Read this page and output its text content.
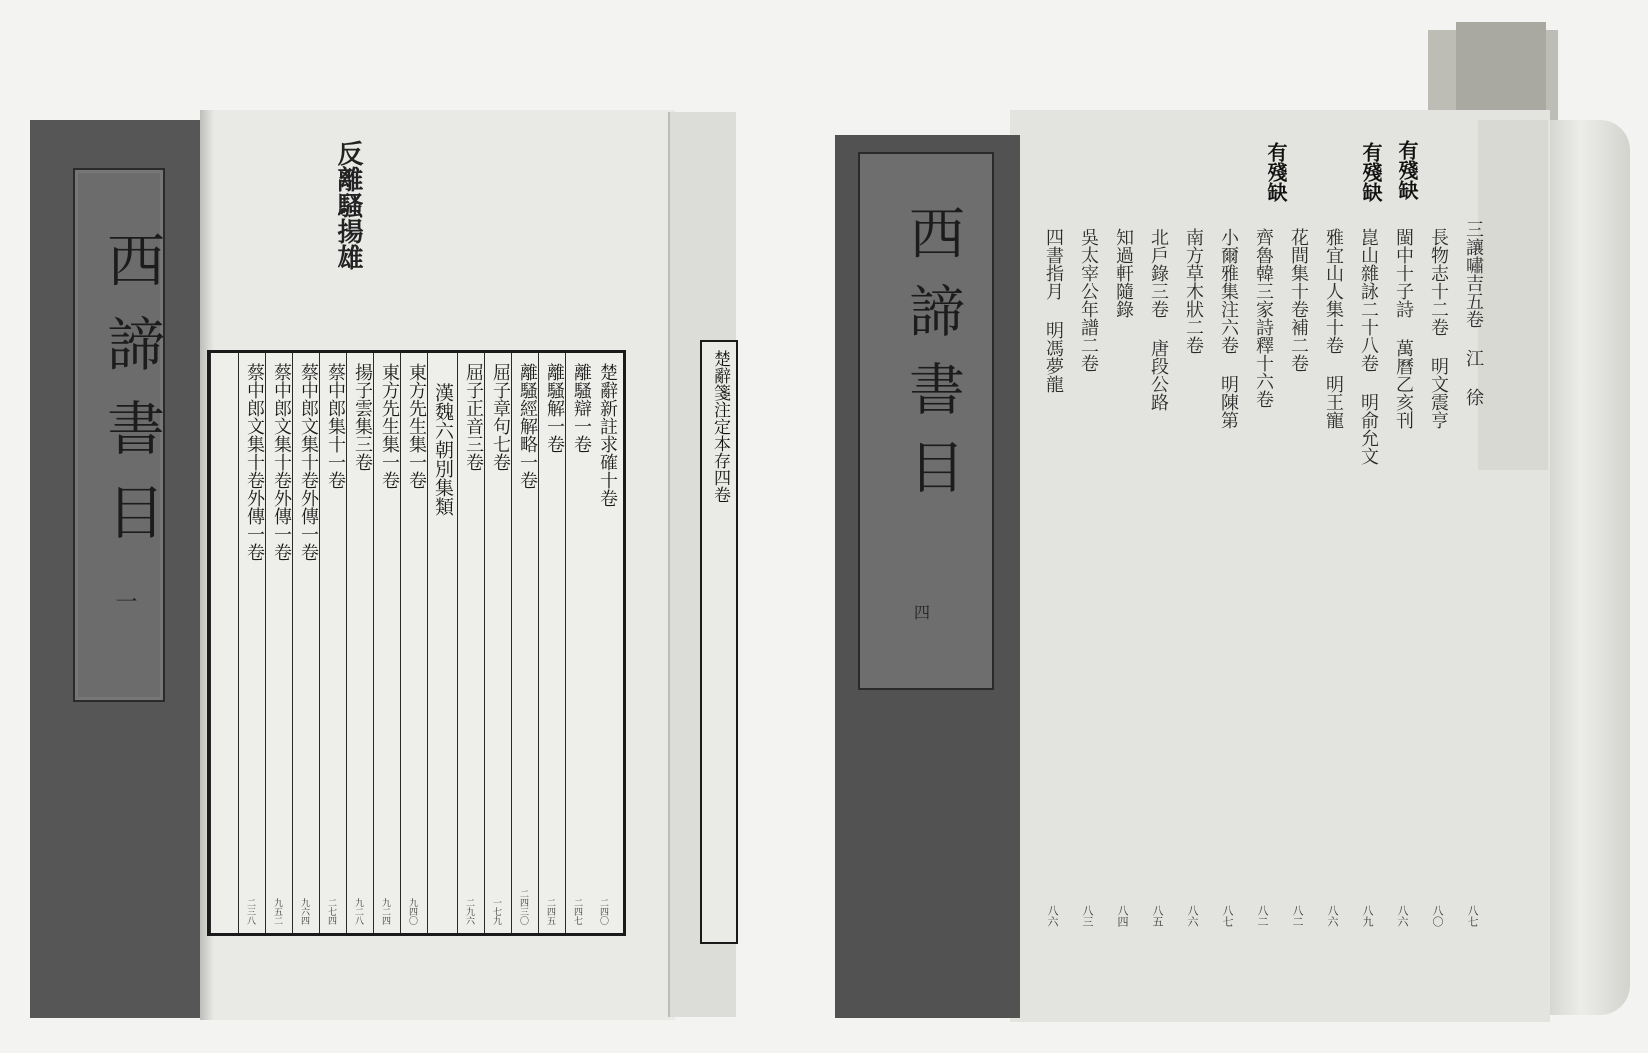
西諦書目
一
反離騷揚雄
楚辭新註求確十卷
二四〇
離騷辯一卷
二四七
離騷解一卷
二四五
離騷經解略一卷
二四三〇
屈子章句七卷
一七九
屈子正音三卷
二九六
漢魏六朝別集類
東方先生集一卷
九四〇
東方先生集一卷
九二四
揚子雲集三卷
九二八
蔡中郎集十一卷
二七四
蔡中郎文集十卷外傳一卷
九六四
蔡中郎文集十卷外傳一卷
九五二
蔡中郎文集十卷外傳一卷
二三八
楚辭箋注定本存四卷	西諦書目
四
有殘缺
有殘缺
有殘缺
三讓嘯吉五卷 江 徐
長物志十二卷 明文震亨
閩中十子詩 萬曆乙亥刊
崑山雜詠二十八卷 明俞允文
雅宜山人集十卷 明王寵
花間集十卷補二卷
齊魯韓三家詩釋十六卷
小爾雅集注六卷 明陳第
南方草木狀二卷
北戶錄三卷 唐段公路
知過軒隨錄
吳太宰公年譜二卷
四書指月 明馮夢龍
八七
八〇
八六
八九
八六
八二
八二
八七
八六
八五
八四
八三
八六
